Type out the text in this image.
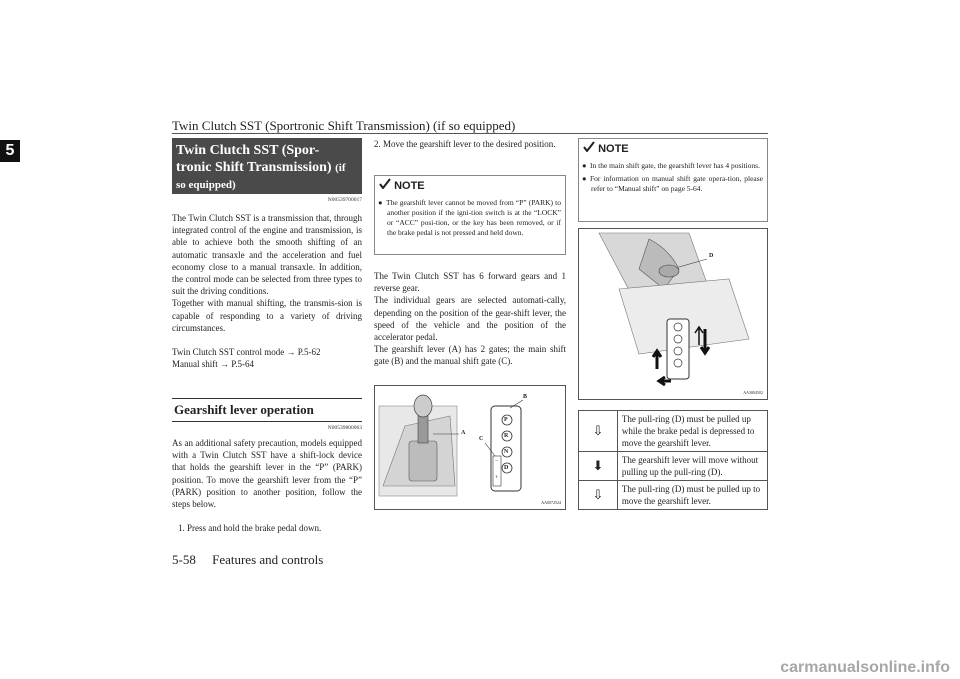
Twin Clutch SST (Sportronic Shift Transmission) (if so equipped)
5	Twin Clutch SST (Spor-
tronic Shift Transmission) (if
so equipped)
N00539700017

The Twin Clutch SST is a transmission that, through integrated control of the engine and transmission, is able to achieve both the smooth shifting of an automatic transaxle and the acceleration and fuel economy close to a manual transaxle. In addition, the control mode can be selected from three types to suit the driving conditions.

Together with manual shifting, the transmis-sion is capable of responding to a variety of driving circumstances.

Twin Clutch SST control mode → P.5-62

Manual shift → P.5-64

Gearshift lever operation
N00539800063

As an additional safety precaution, models equipped with a Twin Clutch SST have a shift-lock device that holds the gearshift lever in the “P” (PARK) position. To move the gearshift lever from the “P” (PARK) position to another position, follow the steps below.

1. Press and hold the brake pedal down.

2. Move the gearshift lever to the desired position.

NOTE
● The gearshift lever cannot be moved from “P” (PARK) to another position if the igni-tion switch is at the “LOCK” or “ACC” posi-tion, or the key has been removed, or if the brake pedal is not pressed and held down.

The Twin Clutch SST has 6 forward gears and 1 reverse gear.

The individual gears are selected automati-cally, depending on the position of the gear-shift lever, the speed of the vehicle and the position of the accelerator pedal.

The gearshift lever (A) has 2 gates; the main shift gate (B) and the manual shift gate (C).

A
B
C
P
R
N
D
−
+
AA0072524
NOTE
● In the main shift gate, the gearshift lever has 4 positions.
● For information on manual shift gate opera-tion, please refer to “Manual shift” on page 5-64.
D
AA3004502
⇩	The pull-ring (D) must be pulled up while the brake pedal is depressed to move the gearshift lever.
⬇	The gearshift lever will move without pulling up the pull-ring (D).
⇩	The pull-ring (D) must be pulled up to move the gearshift lever.
5-58 Features and controls
carmanualsonline.info
